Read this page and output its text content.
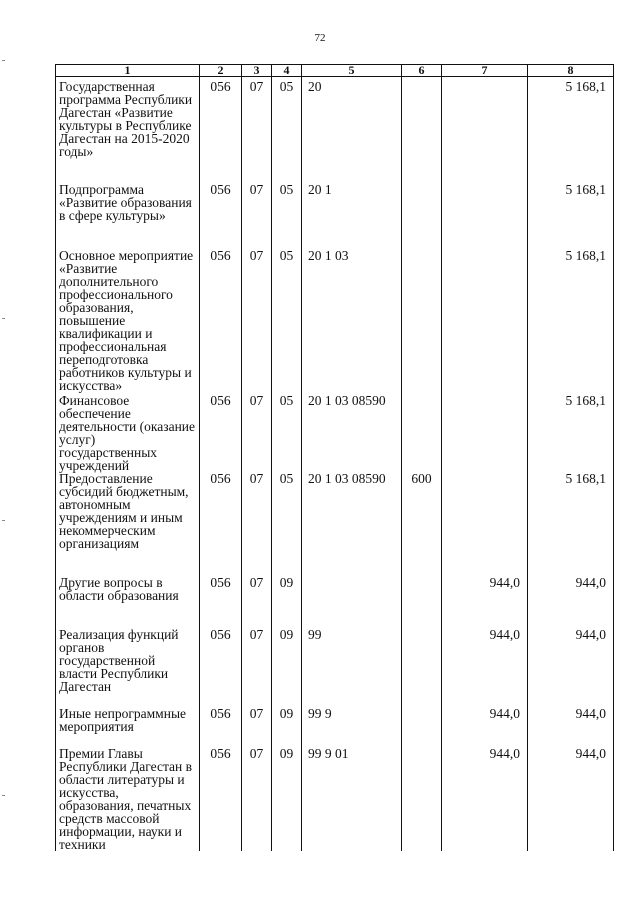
72
1	2	3	4	5	6	7	8
Государственная программа Республики Дагестан «Развитие культуры в Республике Дагестан на 2015-2020 годы»	056	07	05	20			5 168,1
Подпрограмма «Развитие образования в сфере культуры»	056	07	05	20 1			5 168,1
Основное мероприятие «Развитие дополнительного профессионального образования, повышение квалификации и профессиональная переподготовка работников культуры и искусства»	056	07	05	20 1 03			5 168,1
Финансовое обеспечение деятельности (оказание услуг) государственных учреждений	056	07	05	20 1 03 08590			5 168,1
Предоставление субсидий бюджетным, автономным учреждениям и иным некоммерческим организациям	056	07	05	20 1 03 08590	600		5 168,1
Другие вопросы в области образования	056	07	09			944,0	944,0
Реализация функций органов государственной власти Республики Дагестан	056	07	09	99		944,0	944,0
Иные непрограммные мероприятия	056	07	09	99 9		944,0	944,0
Премии Главы Республики Дагестан в области литературы и искусства, образования, печатных средств массовой информации, науки и техники	056	07	09	99 9 01		944,0	944,0
